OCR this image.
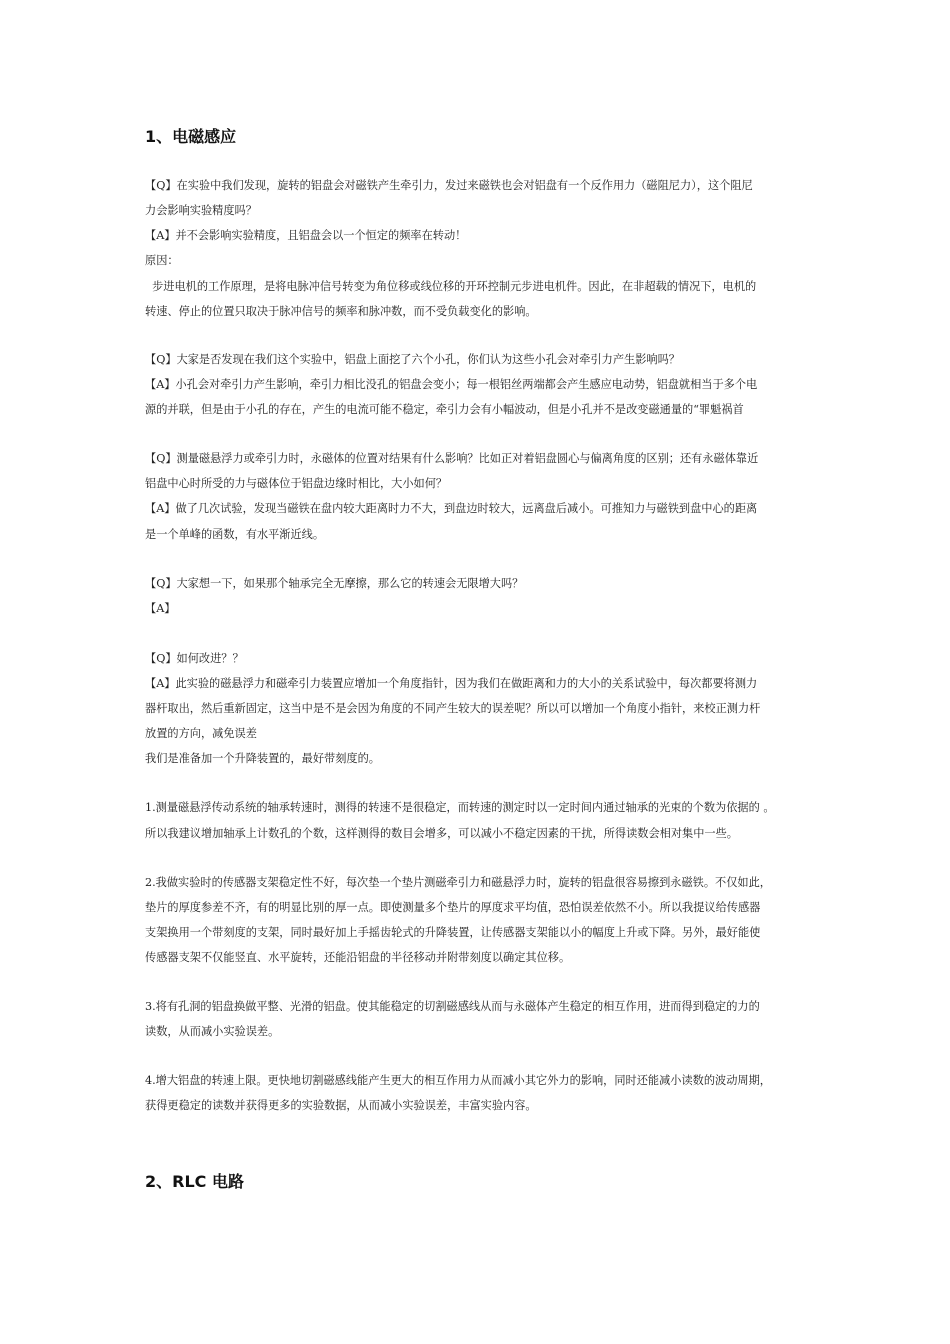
1、电磁感应
【Q】在实验中我们发现，旋转的铝盘会对磁铁产生牵引力，发过来磁铁也会对铝盘有一个反作用力（磁阻尼力），这个阻尼
力会影响实验精度吗？
【A】并不会影响实验精度，且铝盘会以一个恒定的频率在转动！
原因：
步进电机的工作原理，是将电脉冲信号转变为角位移或线位移的开环控制元步进电机件。因此，在非超载的情况下，电机的
转速、停止的位置只取决于脉冲信号的频率和脉冲数，而不受负载变化的影响。
【Q】大家是否发现在我们这个实验中，铝盘上面挖了六个小孔，你们认为这些小孔会对牵引力产生影响吗？
【A】小孔会对牵引力产生影响，牵引力相比没孔的铝盘会变小；每一根铝丝两端都会产生感应电动势，铝盘就相当于多个电
源的并联，但是由于小孔的存在，产生的电流可能不稳定，牵引力会有小幅波动，但是小孔并不是改变磁通量的“罪魁祸首
【Q】测量磁悬浮力或牵引力时，永磁体的位置对结果有什么影响？比如正对着铝盘圆心与偏离角度的区别；还有永磁体靠近
铝盘中心时所受的力与磁体位于铝盘边缘时相比，大小如何？
【A】做了几次试验，发现当磁铁在盘内较大距离时力不大，到盘边时较大，远离盘后减小。可推知力与磁铁到盘中心的距离
是一个单峰的函数，有水平渐近线。
【Q】大家想一下，如果那个轴承完全无摩擦，那么它的转速会无限增大吗？
【A】
【Q】如何改进？？
【A】此实验的磁悬浮力和磁牵引力装置应增加一个角度指针，因为我们在做距离和力的大小的关系试验中，每次都要将测力
器杆取出，然后重新固定，这当中是不是会因为角度的不同产生较大的误差呢？所以可以增加一个角度小指针，来校正测力杆
放置的方向，减免误差
我们是准备加一个升降装置的，最好带刻度的。
1.测量磁悬浮传动系统的轴承转速时，测得的转速不是很稳定，而转速的测定时以一定时间内通过轴承的光束的个数为依据的 。
所以我建议增加轴承上计数孔的个数，这样测得的数目会增多，可以减小不稳定因素的干扰，所得读数会相对集中一些。
2.我做实验时的传感器支架稳定性不好，每次垫一个垫片测磁牵引力和磁悬浮力时，旋转的铝盘很容易擦到永磁铁。不仅如此，
垫片的厚度参差不齐，有的明显比别的厚一点。即使测量多个垫片的厚度求平均值，恐怕误差依然不小。所以我提议给传感器
支架换用一个带刻度的支架，同时最好加上手摇齿轮式的升降装置，让传感器支架能以小的幅度上升或下降。另外，最好能使
传感器支架不仅能竖直、水平旋转，还能沿铝盘的半径移动并附带刻度以确定其位移。
3.将有孔洞的铝盘换做平整、光滑的铝盘。使其能稳定的切割磁感线从而与永磁体产生稳定的相互作用，进而得到稳定的力的
读数，从而减小实验误差。
4.增大铝盘的转速上限。更快地切割磁感线能产生更大的相互作用力从而减小其它外力的影响，同时还能减小读数的波动周期，
获得更稳定的读数并获得更多的实验数据，从而减小实验误差，丰富实验内容。
2、RLC 电路
